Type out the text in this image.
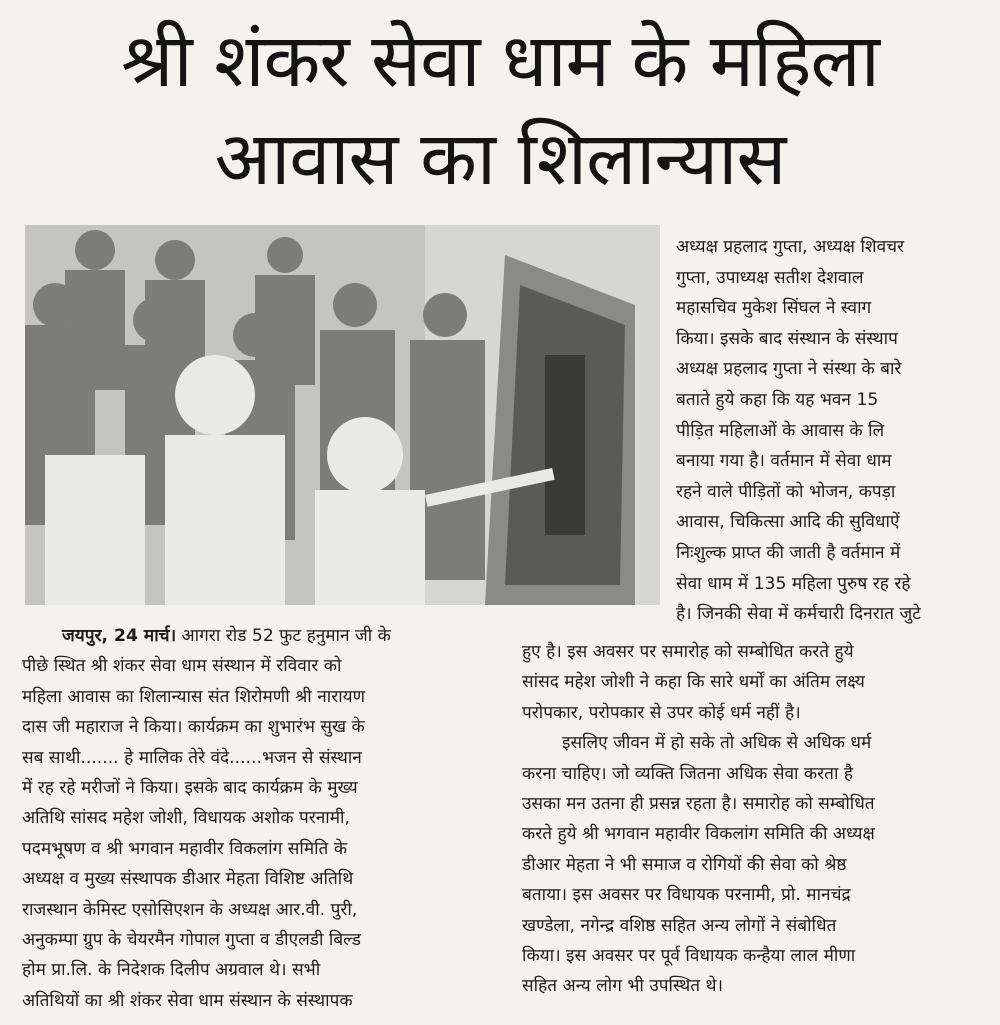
श्री शंकर सेवा धाम के महिला
आवास का शिलान्यास
अध्यक्ष प्रहलाद गुप्ता, अध्यक्ष शिवचर
गुप्ता, उपाध्यक्ष सतीश देशवाल
महासचिव मुकेश सिंघल ने स्वाग
किया। इसके बाद संस्थान के संस्थाप
अध्यक्ष प्रहलाद गुप्ता ने संस्था के बारे
बताते हुये कहा कि यह भवन 15
पीड़ित महिलाओं के आवास के लि
बनाया गया है। वर्तमान में सेवा धाम
रहने वाले पीड़ितों को भोजन, कपड़ा
आवास, चिकित्सा आदि की सुविधाऐं
निःशुल्क प्राप्त की जाती है वर्तमान में
सेवा धाम में 135 महिला पुरुष रह रहे
है। जिनकी सेवा में कर्मचारी दिनरात जुटे
जयपुर, 24 मार्च। आगरा रोड 52 फुट हनुमान जी के
पीछे स्थित श्री शंकर सेवा धाम संस्थान में रविवार को
महिला आवास का शिलान्यास संत शिरोमणी श्री नारायण
दास जी महाराज ने किया। कार्यक्रम का शुभारंभ सुख के
सब साथी....... हे मालिक तेरे वंदे......भजन से संस्थान
में रह रहे मरीजों ने किया। इसके बाद कार्यक्रम के मुख्य
अतिथि सांसद महेश जोशी, विधायक अशोक परनामी,
पदमभूषण व श्री भगवान महावीर विकलांग समिति के
अध्यक्ष व मुख्य संस्थापक डीआर मेहता विशिष्ट अतिथि
राजस्थान केमिस्ट एसोसिएशन के अध्यक्ष आर.वी. पुरी,
अनुकम्पा ग्रुप के चेयरमैन गोपाल गुप्ता व डीएलडी बिल्ड
होम प्रा.लि. के निदेशक दिलीप अग्रवाल थे। सभी
अतिथियों का श्री शंकर सेवा धाम संस्थान के संस्थापक
हुए है। इस अवसर पर समारोह को सम्बोधित करते हुये
सांसद महेश जोशी ने कहा कि सारे धर्मों का अंतिम लक्ष्य
परोपकार, परोपकार से उपर कोई धर्म नहीं है।
इसलिए जीवन में हो सके तो अधिक से अधिक धर्म
करना चाहिए। जो व्यक्ति जितना अधिक सेवा करता है
उसका मन उतना ही प्रसन्न रहता है। समारोह को सम्बोधित
करते हुये श्री भगवान महावीर विकलांग समिति की अध्यक्ष
डीआर मेहता ने भी समाज व रोगियों की सेवा को श्रेष्ठ
बताया। इस अवसर पर विधायक परनामी, प्रो. मानचंद्र
खण्डेला, नगेन्द्र वशिष्ठ सहित अन्य लोगों ने संबोधित
किया। इस अवसर पर पूर्व विधायक कन्हैया लाल मीणा
सहित अन्य लोग भी उपस्थित थे।
